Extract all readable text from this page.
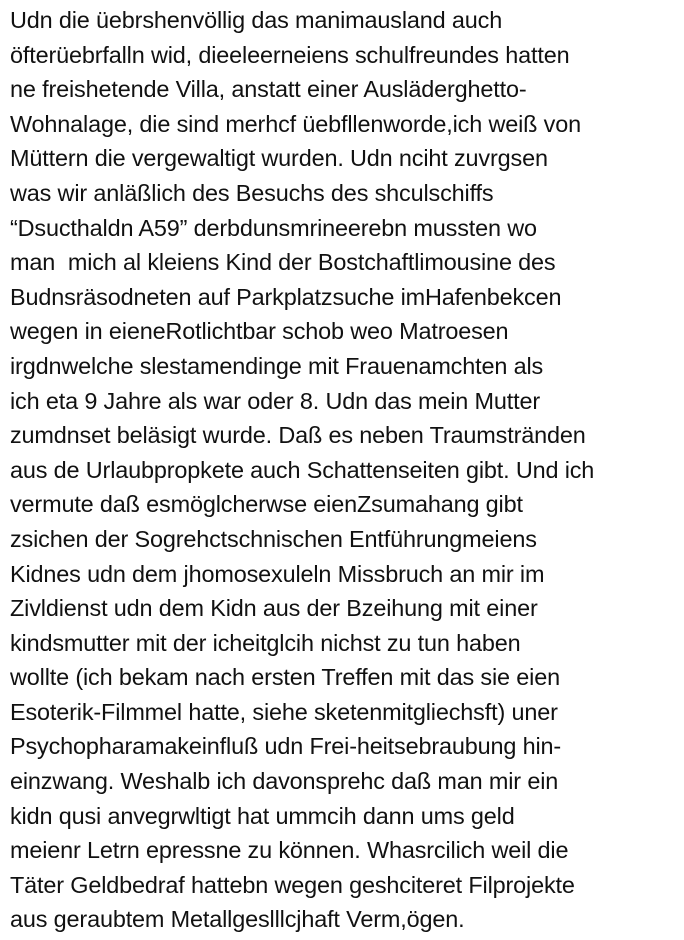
Udn die üebrshenvöllig das manimausland auch
öfterüebrfalln wid, dieeleerneiens schulfreundes hatten
ne freishetende Villa, anstatt einer Ausläderghetto-
Wohnalage, die sind merhcf üebfllenworde,ich weiß von
Müttern die vergewaltigt wurden. Udn nciht zuvrgsen
was wir anläßlich des Besuchs des shculschiffs
“Dsucthaldn A59” derbdunsmrineerebn mussten wo
man  mich al kleiens Kind der Bostchaftlimousine des
Budnsräsodneten auf Parkplatzsuche imHafenbekcen
wegen in eieneRotlichtbar schob weo Matroesen
irgdnwelche slestamendinge mit Frauenamchten als
ich eta 9 Jahre als war oder 8. Udn das mein Mutter
zumdnset beläsigt wurde. Daß es neben Traumstränden
aus de Urlaubpropkete auch Schattenseiten gibt. Und ich
vermute daß esmöglcherwse eienZsumahang gibt
zsichen der Sogrehctschnischen Entführungmeiens
Kidnes udn dem jhomosexuleln Missbruch an mir im
Zivldienst udn dem Kidn aus der Bzeihung mit einer
kindsmutter mit der icheitglcih nichst zu tun haben
wollte (ich bekam nach ersten Treffen mit das sie eien
Esoterik-Filmmel hatte, siehe sketenmitgliechsft) uner
Psychopharamakeinfluß udn Frei-heitsebraubung hin-
einzwang. Weshalb ich davonsprehc daß man mir ein
kidn qusi anvegrwltigt hat ummcih dann ums geld
meienr Letrn epressne zu können. Whasrcilich weil die
Täter Geldbedraf hattebn wegen geshciteret Filprojekte
aus geraubtem Metallgeslllcjhaft Verm,ögen.
